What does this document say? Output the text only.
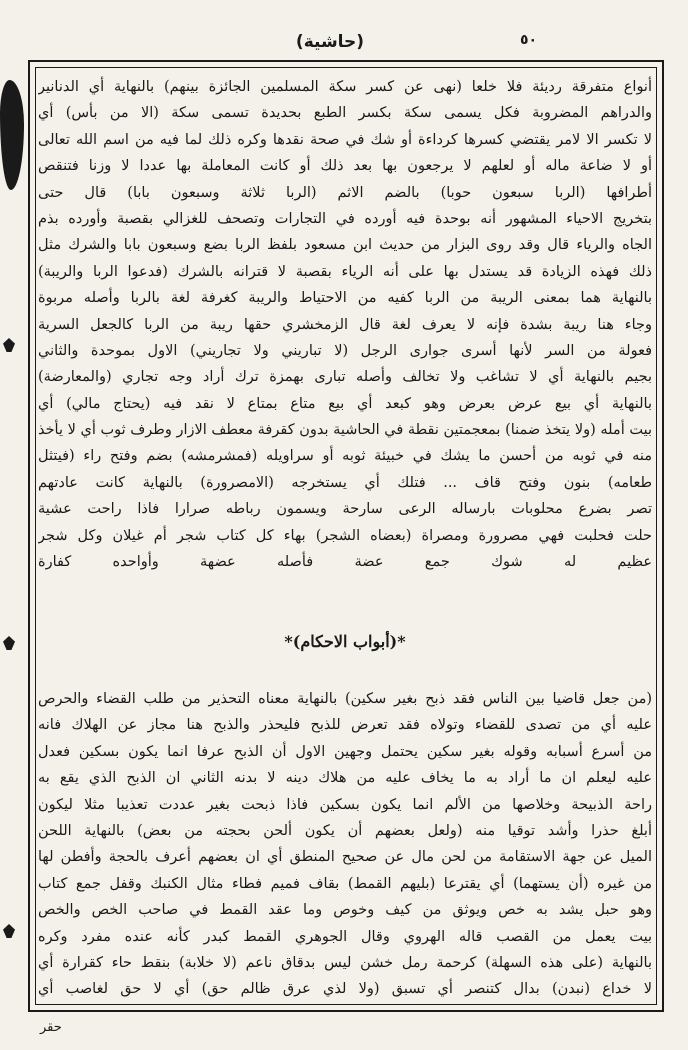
(حاشية)	٥٠
أنواع متفرقة رديئة فلا خلعا (نهى عن كسر سكة المسلمين الجائزة بينهم) بالنهاية أي الدنانير
والدراهم المضروبة فكل يسمى سكة بكسر الطبع بحديدة تسمى سكة (الا من بأس) أي
لا تكسر الا لامر يقتضي كسرها كرداءة أو شك في صحة نقدها وكره ذلك لما فيه من اسم الله تعالى
أو لا ضاعة ماله أو لعلهم لا يرجعون بها بعد ذلك أو كانت المعاملة بها عددا لا وزنا فتنقص
أطرافها (الربا سبعون حوبا) بالضم الاثم (الربا ثلاثة وسبعون بابا) قال حتى
بتخريج الاحياء المشهور أنه بوحدة فيه أورده في التجارات وتصحف للغزالي بقصبة وأورده بذم
الجاه والرياء قال وقد روى البزار من حديث ابن مسعود بلفظ الربا بضع وسبعون بابا والشرك مثل
ذلك فهذه الزيادة قد يستدل بها على أنه الرياء بقصبة لا قترانه بالشرك (فدعوا الربا والريبة)
بالنهاية هما بمعنى الريبة من الربا كفيه من الاحتياط والريبة كغرفة لغة بالربا وأصله مربوة
وجاء هنا ريبة بشدة فإنه لا يعرف لغة قال الزمخشري حقها ريبة من الربا كالجعل السرية
فعولة من السر لأنها أسرى جوارى الرجل (لا تباريني ولا تجاريني) الاول بموحدة والثاني
بجيم بالنهاية أي لا تشاغب ولا تخالف وأصله تبارى بهمزة ترك أراد وجه تجاري (والمعارضة)
بالنهاية أي بيع عرض بعرض وهو كبعد أي بيع متاع بمتاع لا نقد فيه (يحتاج مالي) أي
بيت أمله (ولا يتخذ ضمنا) بمعجمتين نقطة في الحاشية بدون كقرفة معطف الازار وطرف ثوب أي لا يأخذ
منه في ثوبه من أحسن ما يشك في خبيئة ثوبه أو سراويله (فمشرمشه) بضم وفتح راء (فيتثل
طعامه) بنون وفتح قاف ... فتلك أي يستخرجه (الامصرورة) بالنهاية كانت عادتهم
تصر بضرع محلوبات بارساله الرعى سارحة ويسمون رباطه صرارا فاذا راحت عشية
حلت فحلبت فهي مصرورة ومصراة (بعضاه الشجر) بهاء كل كتاب شجر أم غيلان وكل شجر
عظيم له شوك جمع عضة فأصله عضهة وأواحده كفارة
*(أبواب الاحكام)*
(من جعل قاضيا بين الناس فقد ذبح بغير سكين) بالنهاية معناه التحذير من طلب القضاء والحرص
عليه أي من تصدى للقضاء وتولاه فقد تعرض للذبح فليحذر والذبح هنا مجاز عن الهلاك فانه
من أسرع أسبابه وقوله بغير سكين يحتمل وجهين الاول أن الذبح عرفا انما يكون بسكين فعدل
عليه ليعلم ان ما أراد به ما يخاف عليه من هلاك دينه لا بدنه الثاني ان الذبح الذي يقع به
راحة الذبيحة وخلاصها من الألم انما يكون بسكين فاذا ذبحت بغير عددت تعذيبا مثلا ليكون
أبلغ حذرا وأشد توقيا منه (ولعل بعضهم أن يكون ألحن بحجته من بعض) بالنهاية اللحن
الميل عن جهة الاستقامة من لحن مال عن صحيح المنطق أي ان بعضهم أعرف بالحجة وأفطن لها
من غيره (أن يستهما) أي يقترعا (بليهم القمط) بقاف فميم فطاء مثال الكنبك وقفل جمع كتاب
وهو حبل يشد به خص ويوثق من كيف وخوص وما عقد القمط في صاحب الخص والخص
بيت يعمل من القصب قاله الهروي وقال الجوهري القمط كبدر كأنه عنده مفرد وكره
بالنهاية (على هذه السهلة) كرحمة رمل خشن ليس بدقاق ناعم (لا خلابة) بنقط حاء كقرارة أي
لا خداع (نبدن) بدال كتنصر أي تسبق (ولا لذي عرق ظالم حق) أي لا حق لغاصب أي
حقر
